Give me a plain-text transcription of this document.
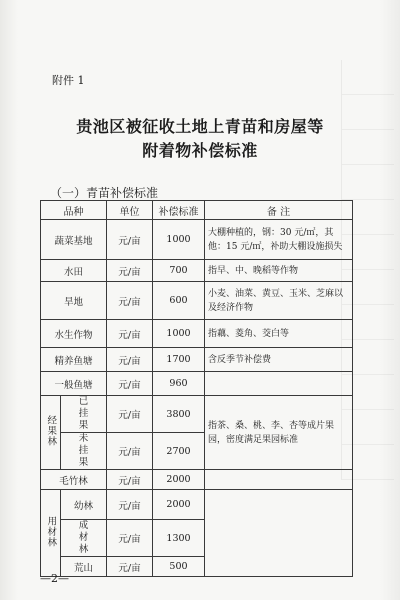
附件 1
贵池区被征收土地上青苗和房屋等
附着物补偿标准
（一）青苗补偿标准
品种		单位	补偿标准	备 注
蔬菜基地		元/亩	1000	大棚种植的，钢：30 元/㎡，其他：15 元/㎡，补助大棚设施损失
水田		元/亩	700	指早、中、晚稻等作物
旱地		元/亩	600	小麦、油菜、黄豆、玉米、芝麻以及经济作物
水生作物		元/亩	1000	指藕、菱角、茭白等
精养鱼塘		元/亩	1700	含反季节补偿费
一般鱼塘		元/亩	960	
经果林	已挂果	元/亩	3800	指茶、桑、桃、李、杏等成片果园，密度满足果园标准
	未挂果	元/亩	2700	
毛竹林		元/亩	2000	
用材林	幼林	元/亩	2000	
	成材林	元/亩	1300	
	荒山	元/亩	500	
—2—
